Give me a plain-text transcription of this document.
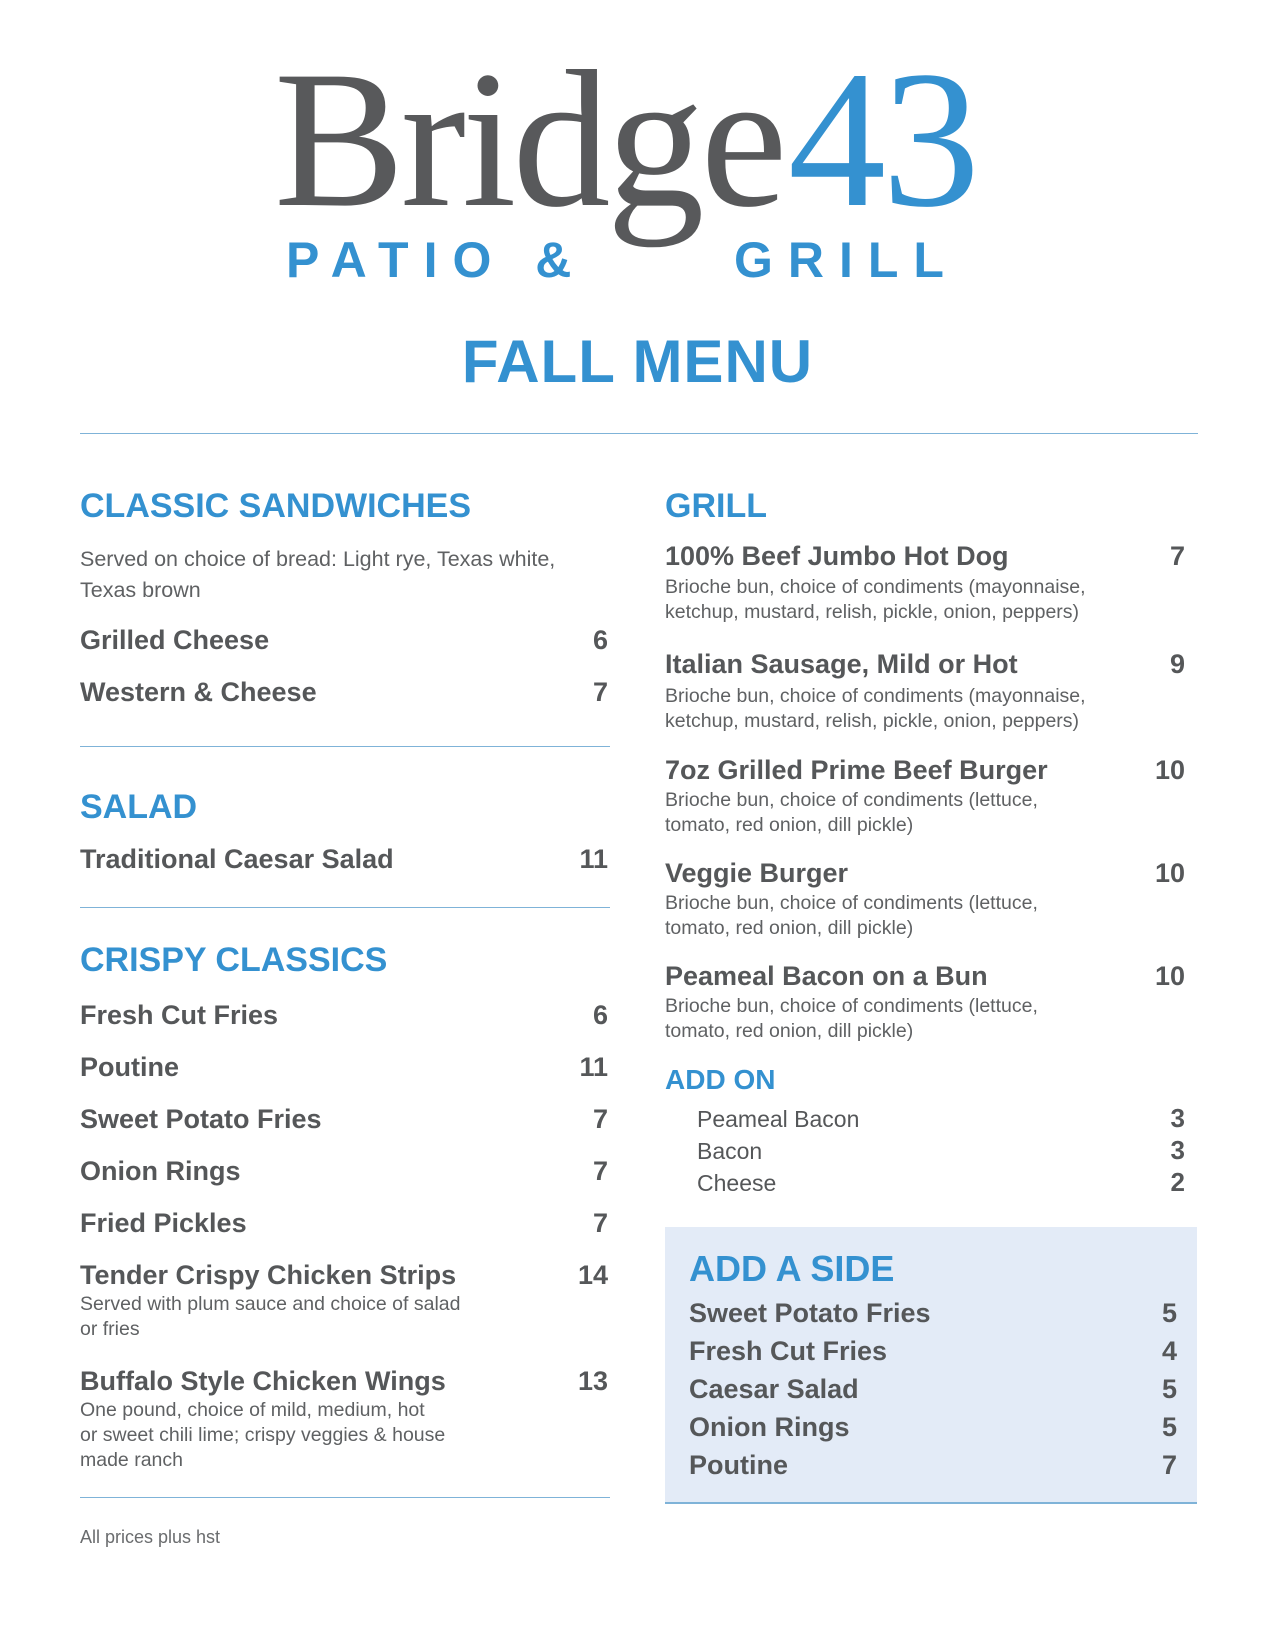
Bridge 43
PATIO &	GRILL
FALL MENU
CLASSIC SANDWICHES
Served on choice of bread: Light rye, Texas white,
Texas brown
Grilled Cheese	6
Western & Cheese	7
SALAD
Traditional Caesar Salad	11
CRISPY CLASSICS
Fresh Cut Fries	6
Poutine	11
Sweet Potato Fries	7
Onion Rings	7
Fried Pickles	7
Tender Crispy Chicken Strips	14
Served with plum sauce and choice of salad
or fries
Buffalo Style Chicken Wings	13
One pound, choice of mild, medium, hot
or sweet chili lime; crispy veggies & house
made ranch
All prices plus hst
GRILL
100% Beef Jumbo Hot Dog	7
Brioche bun, choice of condiments (mayonnaise,
ketchup, mustard, relish, pickle, onion, peppers)
Italian Sausage, Mild or Hot	9
Brioche bun, choice of condiments (mayonnaise,
ketchup, mustard, relish, pickle, onion, peppers)
7oz Grilled Prime Beef Burger	10
Brioche bun, choice of condiments (lettuce,
tomato, red onion, dill pickle)
Veggie Burger	10
Brioche bun, choice of condiments (lettuce,
tomato, red onion, dill pickle)
Peameal Bacon on a Bun	10
Brioche bun, choice of condiments (lettuce,
tomato, red onion, dill pickle)
ADD ON
Peameal Bacon	3
Bacon	3
Cheese	2
ADD A SIDE
Sweet Potato Fries	5
Fresh Cut Fries	4
Caesar Salad	5
Onion Rings	5
Poutine	7
